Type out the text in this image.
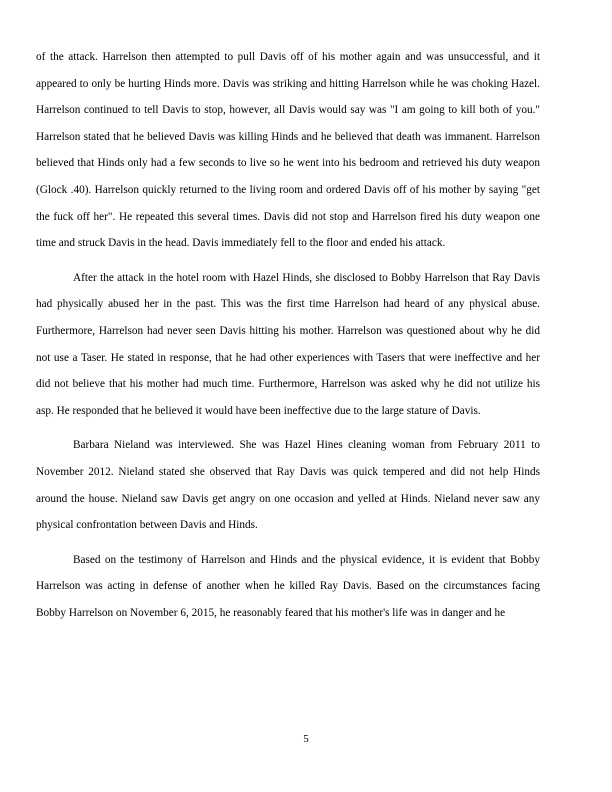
of the attack. Harrelson then attempted to pull Davis off of his mother again and was unsuccessful, and it appeared to only be hurting Hinds more. Davis was striking and hitting Harrelson while he was choking Hazel. Harrelson continued to tell Davis to stop, however, all Davis would say was "I am going to kill both of you." Harrelson stated that he believed Davis was killing Hinds and he believed that death was immanent. Harrelson believed that Hinds only had a few seconds to live so he went into his bedroom and retrieved his duty weapon (Glock .40). Harrelson quickly returned to the living room and ordered Davis off of his mother by saying "get the fuck off her". He repeated this several times. Davis did not stop and Harrelson fired his duty weapon one time and struck Davis in the head. Davis immediately fell to the floor and ended his attack.

After the attack in the hotel room with Hazel Hinds, she disclosed to Bobby Harrelson that Ray Davis had physically abused her in the past. This was the first time Harrelson had heard of any physical abuse. Furthermore, Harrelson had never seen Davis hitting his mother. Harrelson was questioned about why he did not use a Taser. He stated in response, that he had other experiences with Tasers that were ineffective and her did not believe that his mother had much time. Furthermore, Harrelson was asked why he did not utilize his asp. He responded that he believed it would have been ineffective due to the large stature of Davis.

Barbara Nieland was interviewed. She was Hazel Hines cleaning woman from February 2011 to November 2012. Nieland stated she observed that Ray Davis was quick tempered and did not help Hinds around the house. Nieland saw Davis get angry on one occasion and yelled at Hinds. Nieland never saw any physical confrontation between Davis and Hinds.

Based on the testimony of Harrelson and Hinds and the physical evidence, it is evident that Bobby Harrelson was acting in defense of another when he killed Ray Davis. Based on the circumstances facing Bobby Harrelson on November 6, 2015, he reasonably feared that his mother's life was in danger and he

5
